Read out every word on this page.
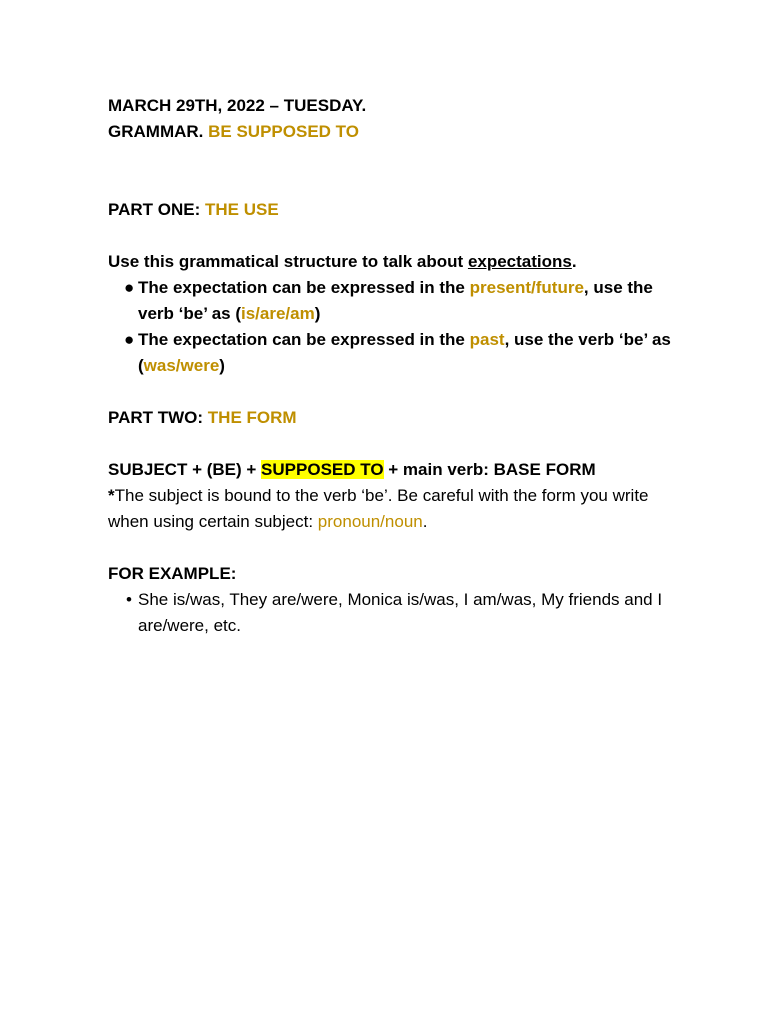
MARCH 29TH, 2022 – TUESDAY.

GRAMMAR. BE SUPPOSED TO

PART ONE: THE USE

Use this grammatical structure to talk about expectations.

● The expectation can be expressed in the present/future, use the verb ‘be’ as (is/are/am)
● The expectation can be expressed in the past, use the verb ‘be’ as (was/were)

PART TWO: THE FORM

SUBJECT + (BE) + SUPPOSED TO + main verb: BASE FORM

*The subject is bound to the verb ‘be’. Be careful with the form you write when using certain subject: pronoun/noun.

FOR EXAMPLE:

• She is/was, They are/were, Monica is/was, I am/was, My friends and I are/were, etc.
